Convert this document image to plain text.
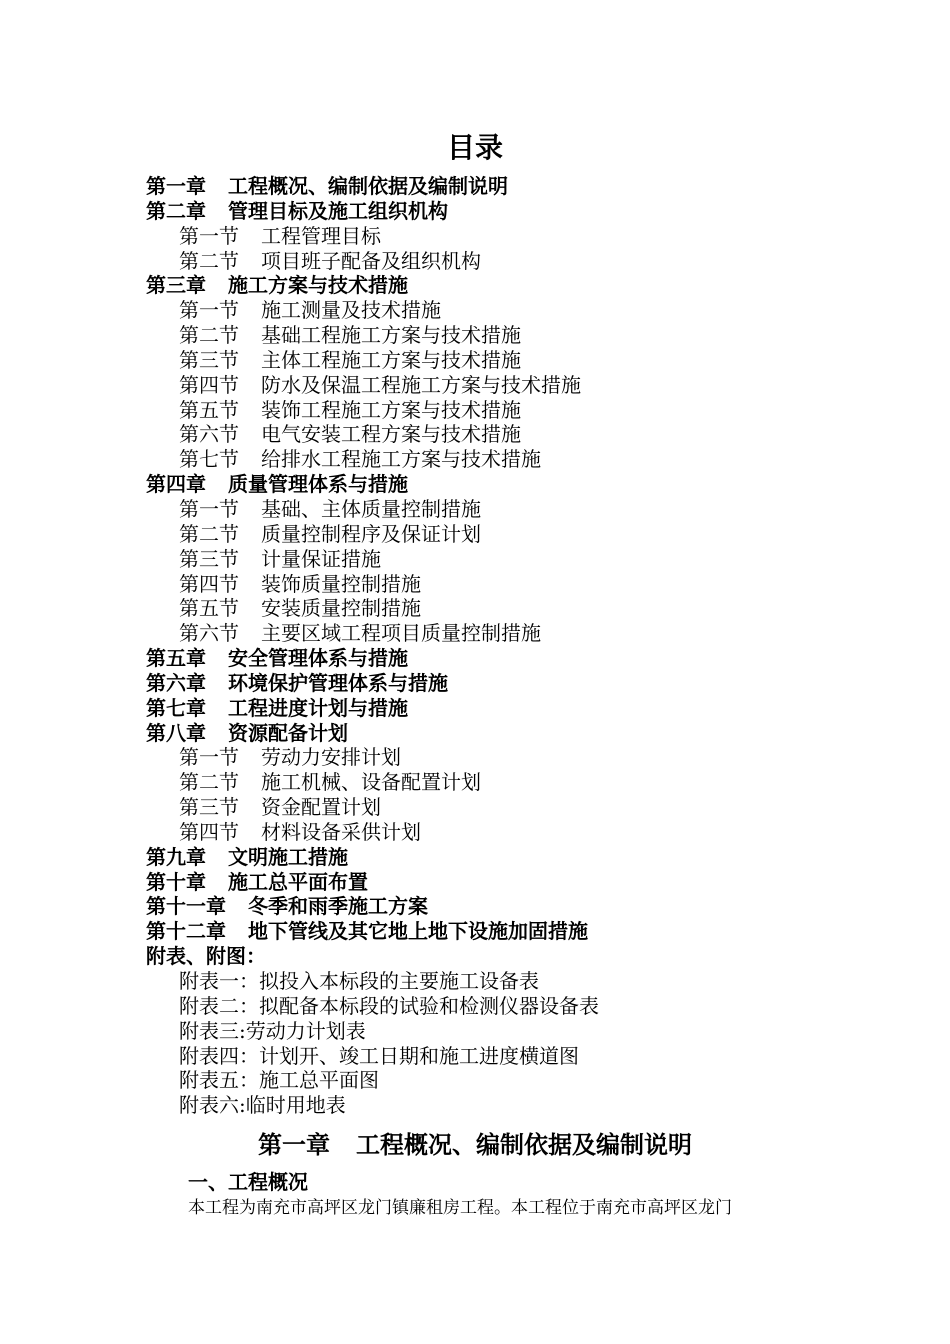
目录
第一章 工程概况、编制依据及编制说明
第二章 管理目标及施工组织机构
第一节 工程管理目标
第二节 项目班子配备及组织机构
第三章 施工方案与技术措施
第一节 施工测量及技术措施
第二节 基础工程施工方案与技术措施
第三节 主体工程施工方案与技术措施
第四节 防水及保温工程施工方案与技术措施
第五节 装饰工程施工方案与技术措施
第六节 电气安装工程方案与技术措施
第七节 给排水工程施工方案与技术措施
第四章 质量管理体系与措施
第一节 基础、主体质量控制措施
第二节 质量控制程序及保证计划
第三节 计量保证措施
第四节 装饰质量控制措施
第五节 安装质量控制措施
第六节 主要区域工程项目质量控制措施
第五章 安全管理体系与措施
第六章 环境保护管理体系与措施
第七章 工程进度计划与措施
第八章 资源配备计划
第一节 劳动力安排计划
第二节 施工机械、设备配置计划
第三节 资金配置计划
第四节 材料设备采供计划
第九章 文明施工措施
第十章 施工总平面布置
第十一章 冬季和雨季施工方案
第十二章 地下管线及其它地上地下设施加固措施
附表、附图：
附表一：拟投入本标段的主要施工设备表
附表二：拟配备本标段的试验和检测仪器设备表
附表三:劳动力计划表
附表四：计划开、竣工日期和施工进度横道图
附表五：施工总平面图
附表六:临时用地表
第一章 工程概况、编制依据及编制说明
一、工程概况
本工程为南充市高坪区龙门镇廉租房工程。本工程位于南充市高坪区龙门
